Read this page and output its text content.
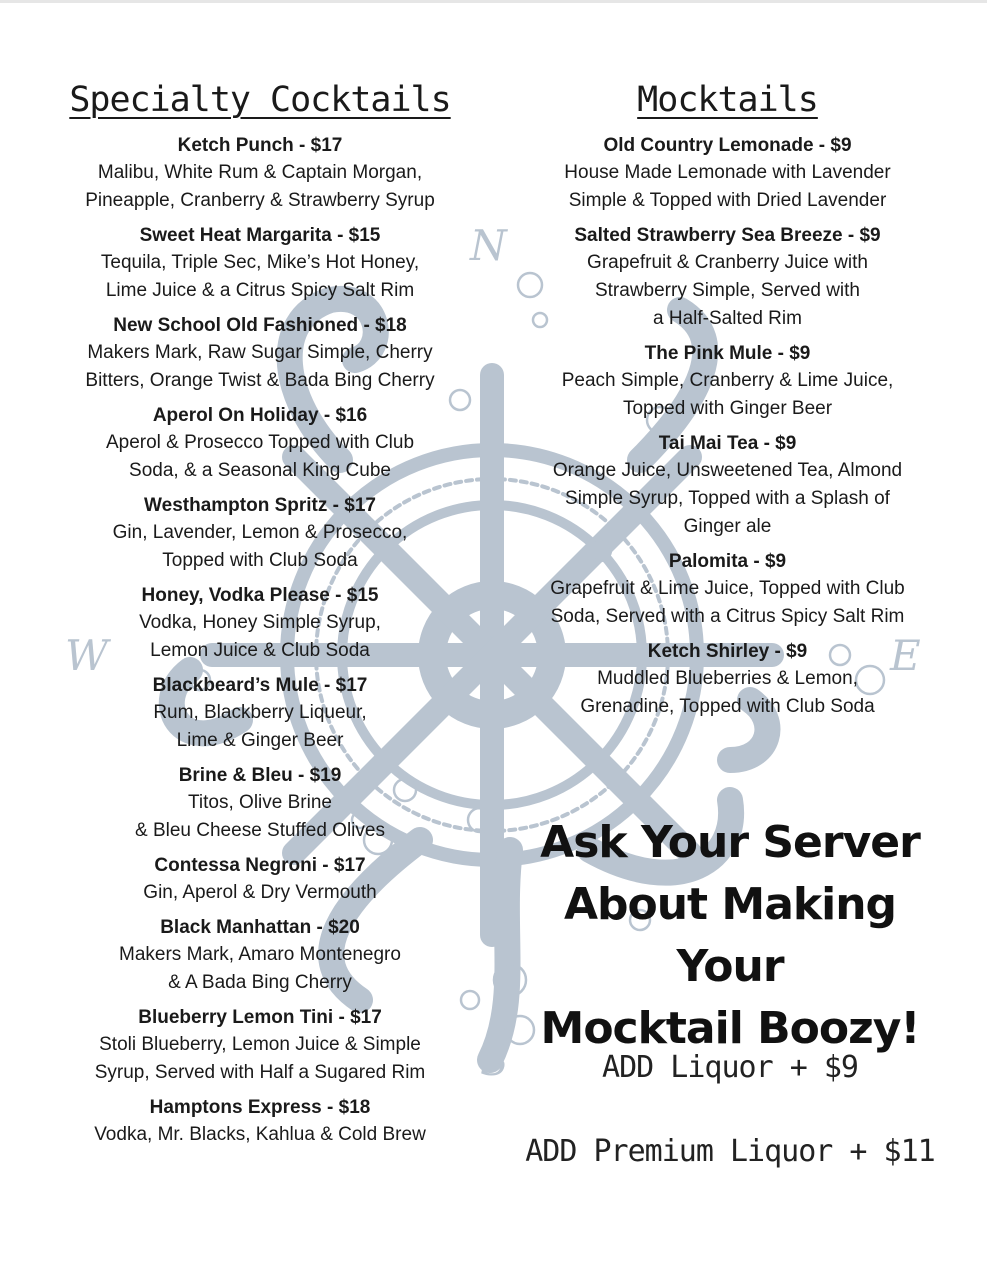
N
W	E
S
Specialty Cocktails
Ketch Punch - $17
Malibu, White Rum & Captain Morgan,
Pineapple, Cranberry & Strawberry Syrup
Sweet Heat Margarita - $15
Tequila, Triple Sec, Mike’s Hot Honey,
Lime Juice & a Citrus Spicy Salt Rim
New School Old Fashioned - $18
Makers Mark, Raw Sugar Simple, Cherry
Bitters, Orange Twist & Bada Bing Cherry
Aperol On Holiday - $16
Aperol & Prosecco Topped with Club
Soda, & a Seasonal King Cube
Westhampton Spritz - $17
Gin, Lavender, Lemon & Prosecco,
Topped with Club Soda
Honey, Vodka Please - $15
Vodka, Honey Simple Syrup,
Lemon Juice & Club Soda
Blackbeard’s Mule - $17
Rum, Blackberry Liqueur,
Lime & Ginger Beer
Brine & Bleu - $19
Titos, Olive Brine
& Bleu Cheese Stuffed Olives
Contessa Negroni - $17
Gin, Aperol & Dry Vermouth
Black Manhattan - $20
Makers Mark, Amaro Montenegro
& A Bada Bing Cherry
Blueberry Lemon Tini - $17
Stoli Blueberry, Lemon Juice & Simple
Syrup, Served with Half a Sugared Rim
Hamptons Express - $18
Vodka, Mr. Blacks, Kahlua & Cold Brew
Mocktails
Old Country Lemonade - $9
House Made Lemonade with Lavender
Simple & Topped with Dried Lavender
Salted Strawberry Sea Breeze - $9
Grapefruit & Cranberry Juice with
Strawberry Simple, Served with
a Half-Salted Rim
The Pink Mule - $9
Peach Simple, Cranberry & Lime Juice,
Topped with Ginger Beer
Tai Mai Tea - $9
Orange Juice, Unsweetened Tea, Almond
Simple Syrup, Topped with a Splash of
Ginger ale
Palomita - $9
Grapefruit & Lime Juice, Topped with Club
Soda, Served with a Citrus Spicy Salt Rim
Ketch Shirley - $9
Muddled Blueberries & Lemon,
Grenadine, Topped with Club Soda
Ask Your Server
About Making Your
Mocktail Boozy!
ADD Liquor + $9
ADD Premium Liquor + $11
